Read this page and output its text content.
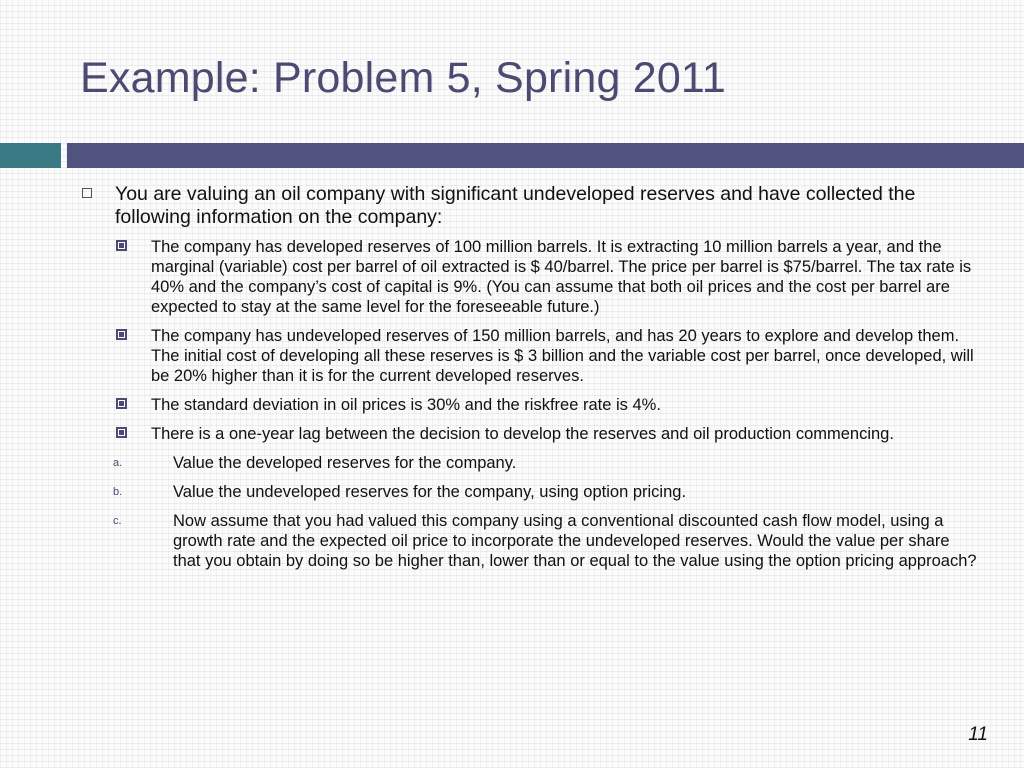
Example: Problem 5, Spring 2011
You are valuing an oil company with significant undeveloped reserves and have collected the following information on the company:
The company has developed reserves of 100 million barrels. It is extracting 10 million barrels a year, and the marginal (variable) cost per barrel of oil extracted is $ 40/barrel. The price per barrel is $75/barrel. The tax rate is 40% and the company’s cost of capital is 9%. (You can assume that both oil prices and the cost per barrel are expected to stay at the same level for the foreseeable future.)
The company has undeveloped reserves of 150 million barrels, and has 20 years to explore and develop them. The initial cost of developing all these reserves is $ 3 billion and the variable cost per barrel, once developed, will be 20% higher than it is for the current developed reserves.
The standard deviation in oil prices is 30% and the riskfree rate is 4%.
There is a one-year lag between the decision to develop the reserves and oil production commencing.
a.	Value the developed reserves for the company.
b.	Value the undeveloped reserves for the company, using option pricing.
c.	Now assume that you had valued this company using a conventional discounted cash flow model, using a growth rate and the expected oil price to incorporate the undeveloped reserves. Would the value per share that you obtain by doing so be higher than, lower than or equal to the value using the option pricing approach?
11
